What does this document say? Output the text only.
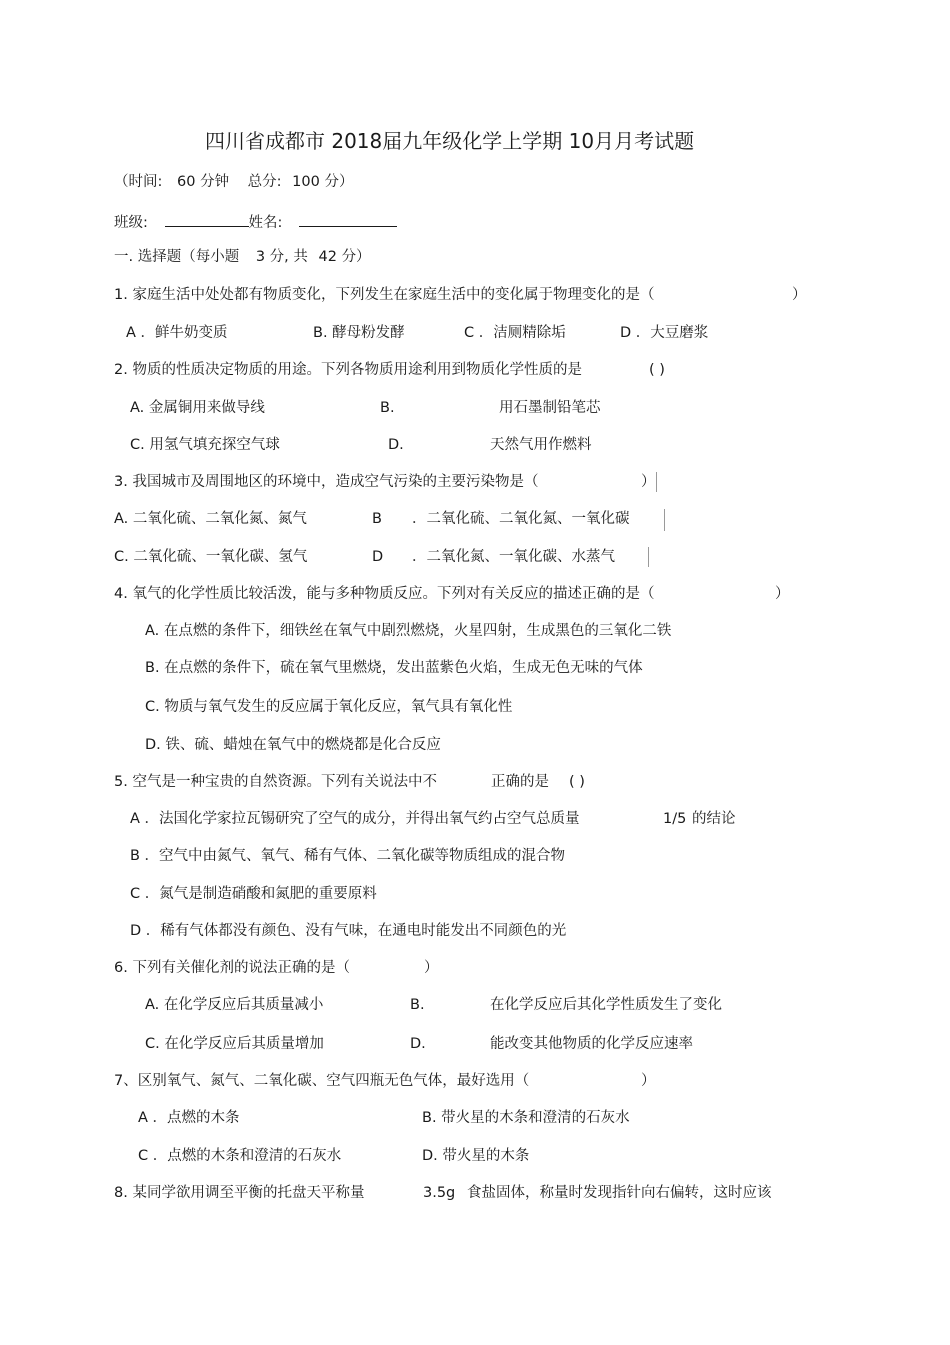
四川省成都市 2018届九年级化学上学期 10月月考试题
（时间: 60 分钟 总分: 100 分）
班级:	姓名:
一. 选择题（每小题 3 分, 共 42 分）
1. 家庭生活中处处都有物质变化，下列发生在家庭生活中的变化属于物理变化的是（	）
A ．鲜牛奶变质	B. 酵母粉发酵	C ．洁厕精除垢	D ．大豆磨浆
2. 物质的性质决定物质的用途。下列各物质用途利用到物质化学性质的是	( )
A. 金属铜用来做导线	B.	用石墨制铅笔芯
C. 用氢气填充探空气球	D.	天然气用作燃料
3. 我国城市及周围地区的环境中，造成空气污染的主要污染物是（	）
A. 二氧化硫、二氧化氮、氮气	B ．二氧化硫、二氧化氮、一氧化碳
C. 二氧化硫、一氧化碳、氢气	D ．二氧化氮、一氧化碳、水蒸气
4. 氧气的化学性质比较活泼，能与多种物质反应。下列对有关反应的描述正确的是（	）
A. 在点燃的条件下，细铁丝在氧气中剧烈燃烧，火星四射，生成黑色的三氧化二铁
B. 在点燃的条件下，硫在氧气里燃烧，发出蓝紫色火焰，生成无色无味的气体
C. 物质与氧气发生的反应属于氧化反应，氧气具有氧化性
D. 铁、硫、蜡烛在氧气中的燃烧都是化合反应
5. 空气是一种宝贵的自然资源。下列有关说法中不	正确的是 ( )
A ．法国化学家拉瓦锡研究了空气的成分，并得出氧气约占空气总质量	1/5 的结论
B ．空气中由氮气、氧气、稀有气体、二氧化碳等物质组成的混合物
C ．氮气是制造硝酸和氮肥的重要原料
D ．稀有气体都没有颜色、没有气味，在通电时能发出不同颜色的光
6. 下列有关催化剂的说法正确的是（	）
A. 在化学反应后其质量减小	B.	在化学反应后其化学性质发生了变化
C. 在化学反应后其质量增加	D.	能改变其他物质的化学反应速率
7、区别氧气、氮气、二氧化碳、空气四瓶无色气体，最好选用（	）
A ．点燃的木条	B. 带火星的木条和澄清的石灰水
C ．点燃的木条和澄清的石灰水	D. 带火星的木条
8. 某同学欲用调至平衡的托盘天平称量	3.5g 食盐固体，称量时发现指针向右偏转，这时应该
